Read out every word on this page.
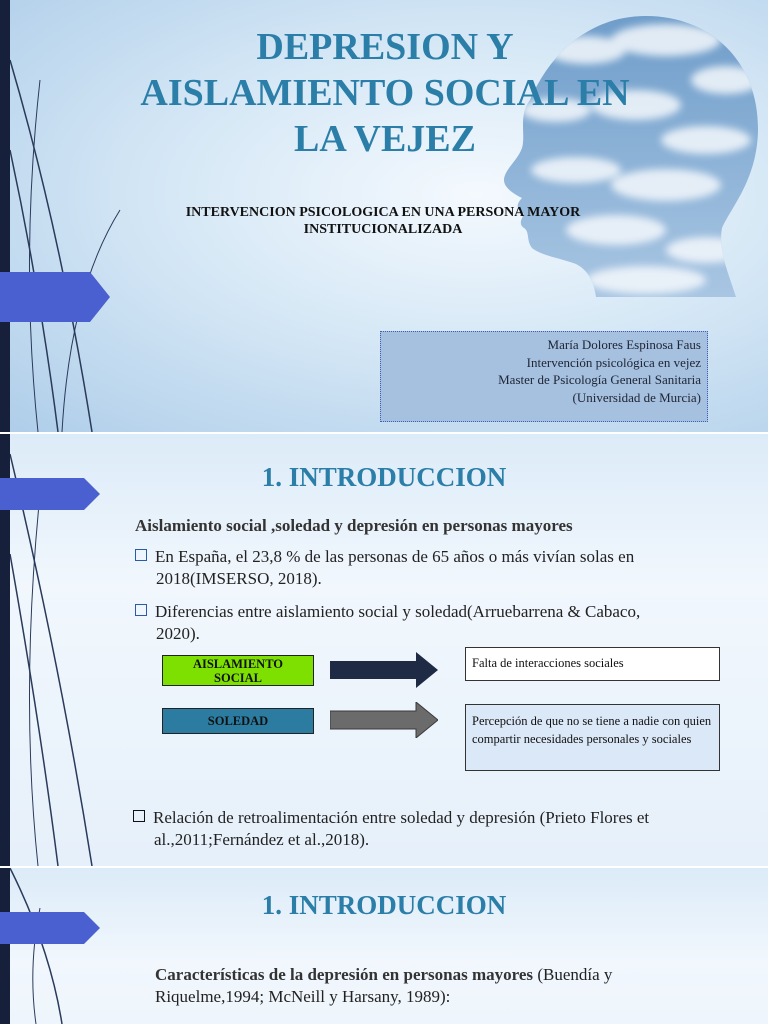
DEPRESION Y
AISLAMIENTO SOCIAL EN
LA VEJEZ
INTERVENCION PSICOLOGICA EN UNA PERSONA MAYOR
INSTITUCIONALIZADA
María Dolores Espinosa Faus
Intervención psicológica en vejez
Master de Psicología General Sanitaria
(Universidad de Murcia)
1. INTRODUCCION
Aislamiento social ,soledad y depresión en personas mayores
En España, el 23,8 % de las personas de 65 años o más vivían solas en
2018(IMSERSO, 2018).
Diferencias entre aislamiento social y soledad(Arruebarrena & Cabaco,
2020).
AISLAMIENTO
SOCIAL
Falta de interacciones sociales
SOLEDAD	Percepción de que no se tiene a nadie con quien compartir necesidades personales y sociales
Relación de retroalimentación entre soledad y depresión (Prieto Flores et
al.,2011;Fernández et al.,2018).
1. INTRODUCCION
Características de la depresión en personas mayores (Buendía y
Riquelme,1994; McNeill y Harsany, 1989):
